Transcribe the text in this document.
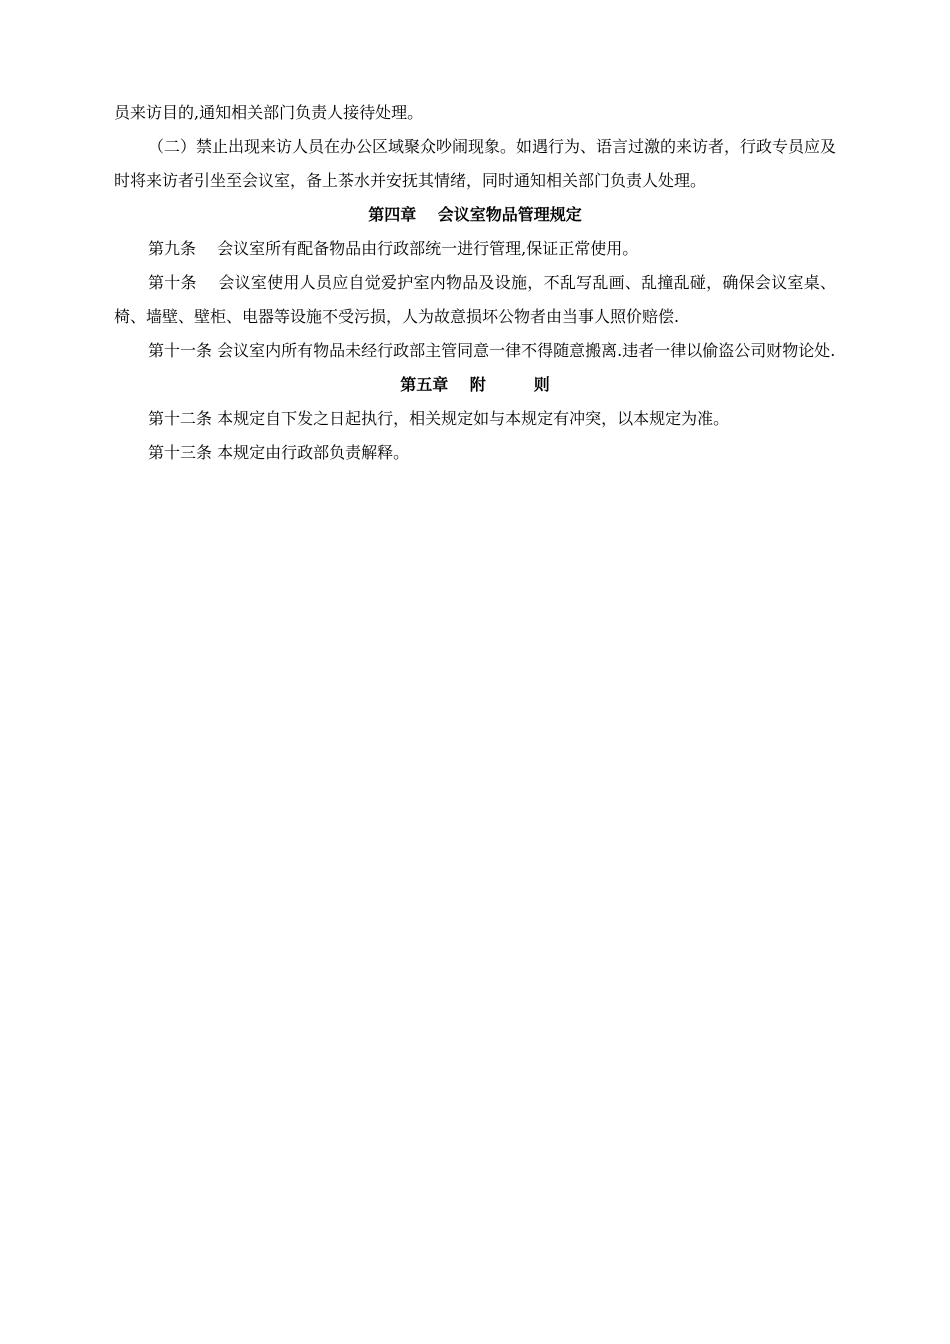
员来访目的,通知相关部门负责人接待处理。

（二）禁止出现来访人员在办公区域聚众吵闹现象。如遇行为、语言过激的来访者，行政专员应及时将来访者引坐至会议室，备上茶水并安抚其情绪，同时通知相关部门负责人处理。

第四章　 会议室物品管理规定

第九条　 会议室所有配备物品由行政部统一进行管理,保证正常使用。

第十条　 会议室使用人员应自觉爱护室内物品及设施，不乱写乱画、乱撞乱碰，确保会议室桌、椅、墙壁、壁柜、电器等设施不受污损，人为故意损坏公物者由当事人照价赔偿.

第十一条 会议室内所有物品未经行政部主管同意一律不得随意搬离.违者一律以偷盗公司财物论处.

第五章　 附　　　则

第十二条 本规定自下发之日起执行，相关规定如与本规定有冲突，以本规定为准。

第十三条 本规定由行政部负责解释。
